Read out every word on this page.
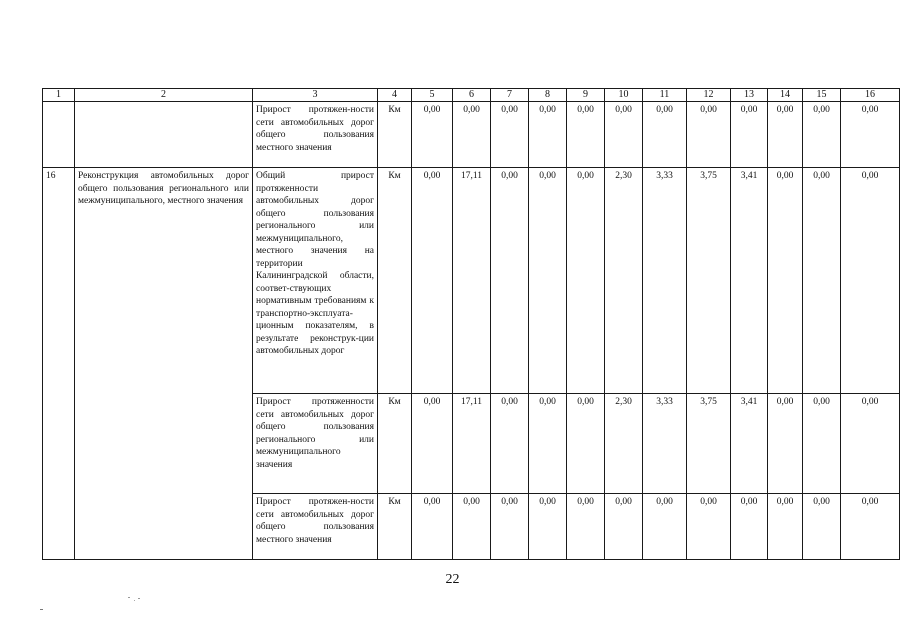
1	2	3	4	5	6	7	8	9	10	11	12	13	14	15	16
		Прирост протяжен-ности сети автомобильных дорог общего пользования местного значения	Км	0,00	0,00	0,00	0,00	0,00	0,00	0,00	0,00	0,00	0,00	0,00	0,00
16	Реконструкция автомобильных дорог общего пользования регионального или межмуниципального, местного значения	Общий прирост протяженности автомобильных дорог общего пользования регионального или межмуниципального, местного значения на территории Калининградской области, соответ-ствующих нормативным требованиям к транспортно-эксплуата-ционным показателям, в результате реконструк-ции автомобильных дорог	Км	0,00	17,11	0,00	0,00	0,00	2,30	3,33	3,75	3,41	0,00	0,00	0,00
		Прирост протяженности сети автомобильных дорог общего пользования регионального или межмуниципального значения	Км	0,00	17,11	0,00	0,00	0,00	2,30	3,33	3,75	3,41	0,00	0,00	0,00
		Прирост протяжен-ности сети автомобильных дорог общего пользования местного значения	Км	0,00	0,00	0,00	0,00	0,00	0,00	0,00	0,00	0,00	0,00	0,00	0,00
22
